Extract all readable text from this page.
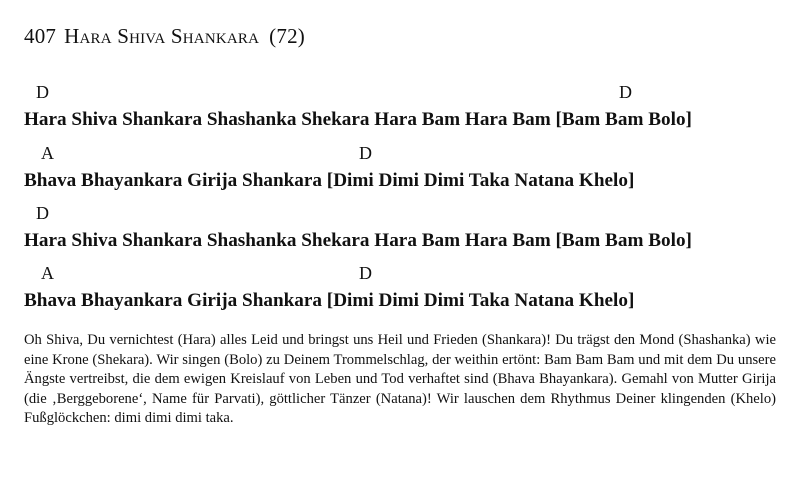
407 Hara Shiva Shankara (72)
D	D
Hara Shiva Shankara Shashanka Shekara Hara Bam Hara Bam [Bam Bam Bolo]
A	D
Bhava Bhayankara Girija Shankara [Dimi Dimi Dimi Taka Natana Khelo]
D
Hara Shiva Shankara Shashanka Shekara Hara Bam Hara Bam [Bam Bam Bolo]
A	D
Bhava Bhayankara Girija Shankara [Dimi Dimi Dimi Taka Natana Khelo]
Oh Shiva, Du vernichtest (Hara) alles Leid und bringst uns Heil und Frieden (Shankara)! Du trägst den Mond (Shashanka) wie eine Krone (Shekara). Wir singen (Bolo) zu Deinem Trommelschlag, der weithin ertönt: Bam Bam Bam und mit dem Du unsere Ängste vertreibst, die dem ewigen Kreislauf von Leben und Tod verhaftet sind (Bhava Bhayankara). Gemahl von Mutter Girija (die ‚Berggeborene‘, Name für Parvati), göttlicher Tänzer (Natana)! Wir lauschen dem Rhythmus Deiner klingenden (Khelo) Fußglöckchen: dimi dimi dimi taka.
